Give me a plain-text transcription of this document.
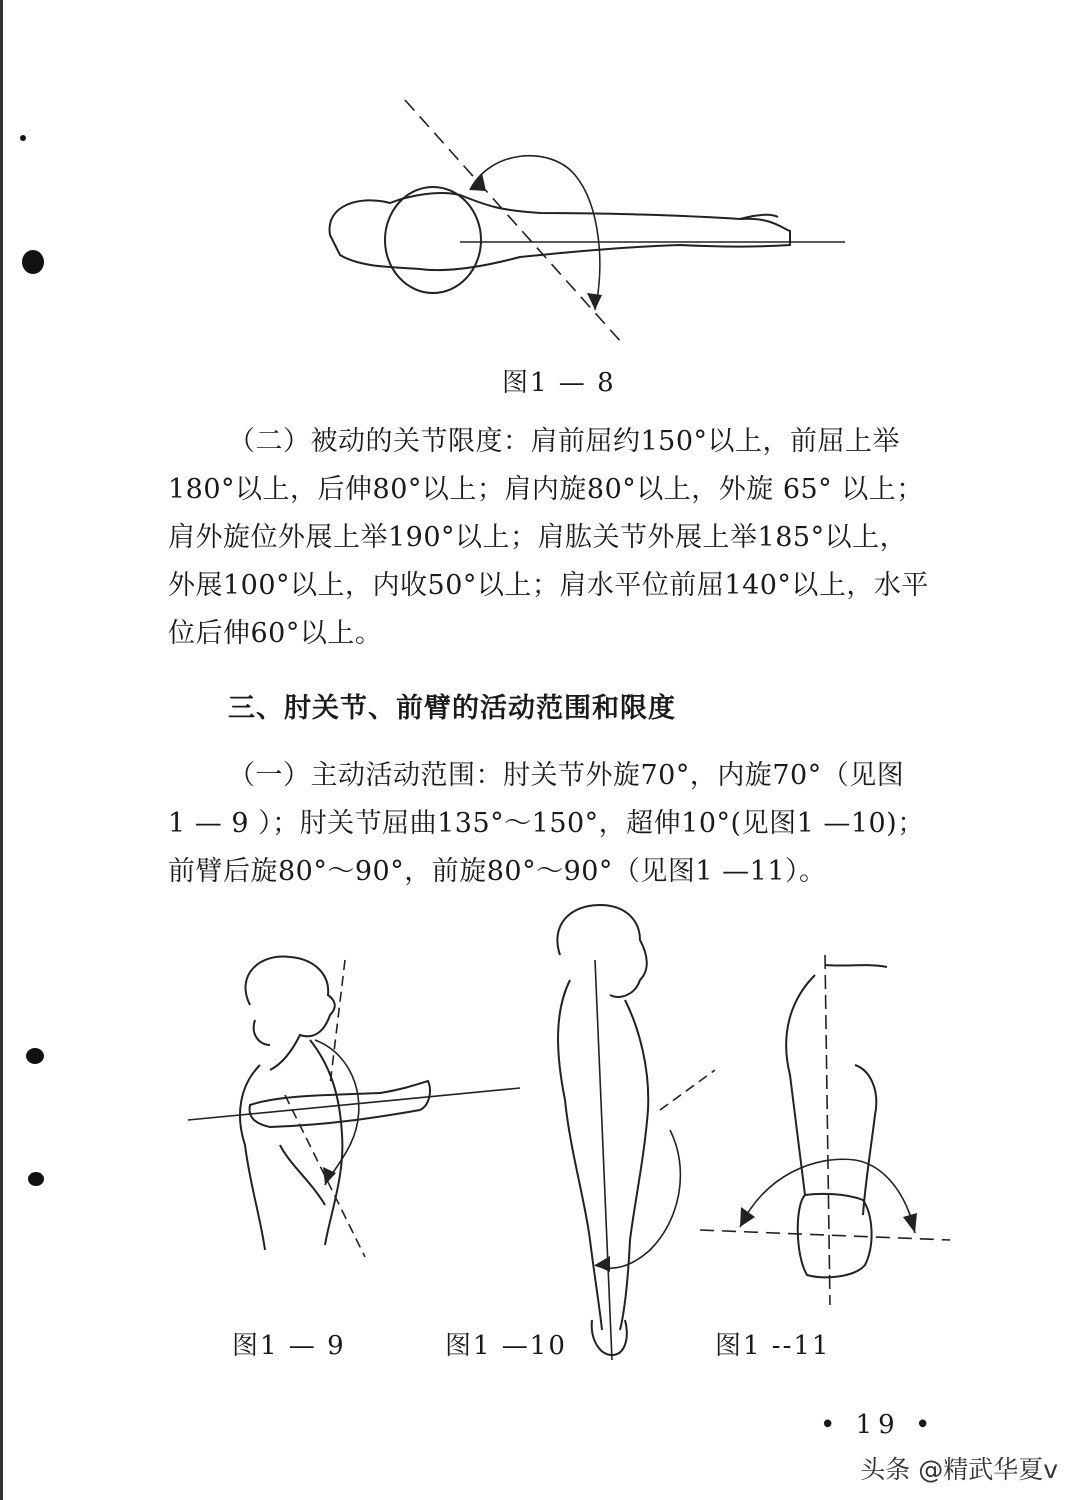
图1 — 8
（二）被动的关节限度：肩前屈约150°以上，前屈上举
180°以上，后伸80°以上；肩内旋80°以上，外旋 65° 以上；
肩外旋位外展上举190°以上；肩肱关节外展上举185°以上，
外展100°以上，内收50°以上；肩水平位前屈140°以上，水平
位后伸60°以上。
三、肘关节、前臂的活动范围和限度
（一）主动活动范围：肘关节外旋70°，内旋70°（见图
1 — 9 ）；肘关节屈曲135°～150°，超伸10°(见图1 —10)；
前臂后旋80°～90°，前旋80°～90°（见图1 —11）。
图1 — 9	图1 —10	图1 --11
• 19 •
头条 @精武华夏v
